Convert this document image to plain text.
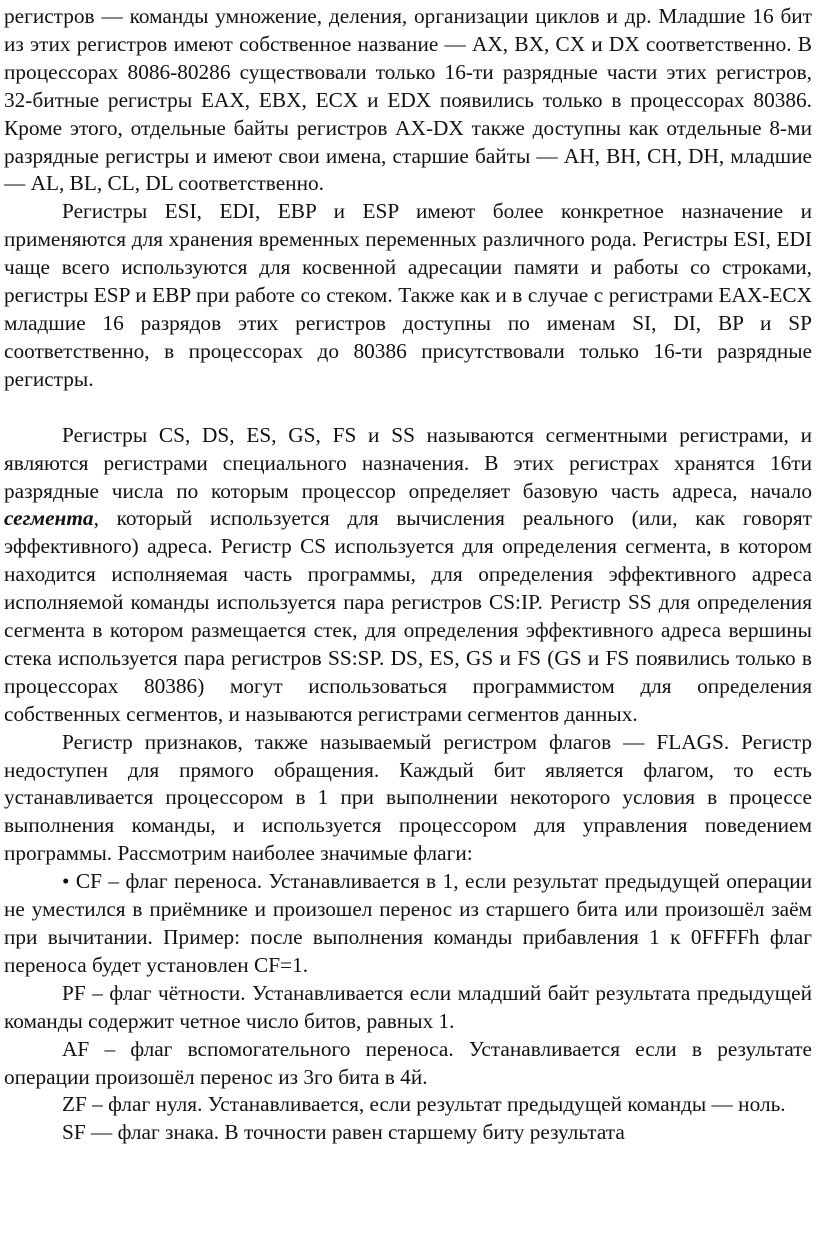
регистров — команды умножение, деления, организации циклов и др. Младшие 16 бит из этих регистров имеют собственное название — AX, BX, CX и DX соответственно. В процессорах 8086-80286 существовали только 16-ти разрядные части этих регистров, 32-битные регистры EAX, EBX, ECX и EDX появились только в процессорах 80386. Кроме этого, отдельные байты регистров AX-DX также доступны как отдельные 8-ми разрядные регистры и имеют свои имена, старшие байты — AH, BH, CH, DH, младшие — AL, BL, CL, DL соответственно.

Регистры ESI, EDI, EBP и ESP имеют более конкретное назначение и применяются для хранения временных переменных различного рода. Регистры ESI, EDI чаще всего используются для косвенной адресации памяти и работы со строками, регистры ESP и EBP при работе со стеком. Также как и в случае с регистрами EAX-ECX младшие 16 разрядов этих регистров доступны по именам SI, DI, BP и SP соответственно, в процессорах до 80386 присутствовали только 16-ти разрядные регистры.

Регистры CS, DS, ES, GS, FS и SS называются сегментными регистрами, и являются регистрами специального назначения. В этих регистрах хранятся 16ти разрядные числа по которым процессор определяет базовую часть адреса, начало сегмента, который используется для вычисления реального (или, как говорят эффективного) адреса. Регистр CS используется для определения сегмента, в котором находится исполняемая часть программы, для определения эффективного адреса исполняемой команды используется пара регистров CS:IP. Регистр SS для определения сегмента в котором размещается стек, для определения эффективного адреса вершины стека используется пара регистров SS:SP. DS, ES, GS и FS (GS и FS появились только в процессорах 80386) могут использоваться программистом для определения собственных сегментов, и называются регистрами сегментов данных.

Регистр признаков, также называемый регистром флагов — FLAGS. Регистр недоступен для прямого обращения. Каждый бит является флагом, то есть устанавливается процессором в 1 при выполнении некоторого условия в процессе выполнения команды, и используется процессором для управления поведением программы. Рассмотрим наиболее значимые флаги:

• CF – флаг переноса. Устанавливается в 1, если результат предыдущей операции не уместился в приёмнике и произошел перенос из старшего бита или произошёл заём при вычитании. Пример: после выполнения команды прибавления 1 к 0FFFFh флаг переноса будет установлен CF=1.

PF – флаг чётности. Устанавливается если младший байт результата предыдущей команды содержит четное число битов, равных 1.

AF – флаг вспомогательного переноса. Устанавливается если в результате операции произошёл перенос из 3го бита в 4й.

ZF – флаг нуля. Устанавливается, если результат предыдущей команды — ноль.

SF — флаг знака. В точности равен старшему биту результата
